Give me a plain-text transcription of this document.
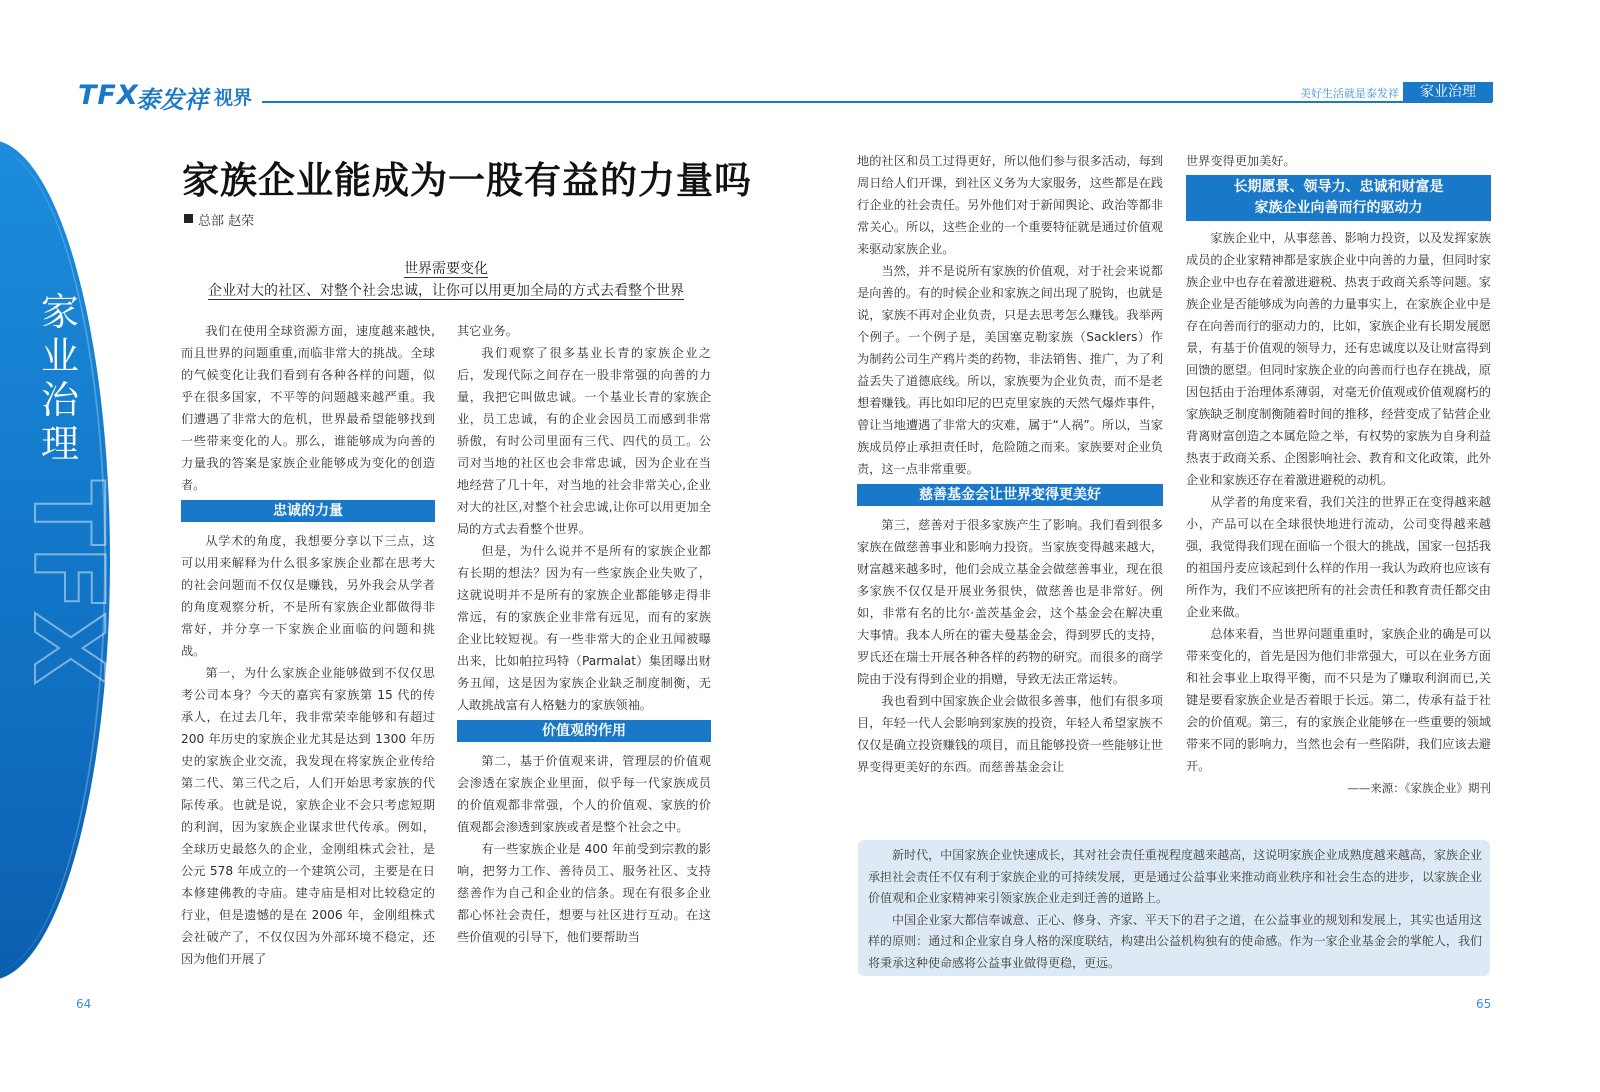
TFX
泰发祥 视界	美好生活就是泰发祥	家业治理
家业治理
TFX
家族企业能成为一股有益的力量吗
总部 赵荣
世界需要变化
企业对大的社区、对整个社会忠诚，让你可以用更加全局的方式去看整个世界

我们在使用全球资源方面，速度越来越快,而且世界的问题重重,而临非常大的挑战。全球的气候变化让我们看到有各种各样的问题，似乎在很多国家，不平等的问题越来越严重。我们遭遇了非常大的危机，世界最希望能够找到一些带来变化的人。那么，谁能够成为向善的力量我的答案是家族企业能够成为变化的创造者。

忠诚的力量

从学术的角度，我想要分享以下三点，这可以用来解释为什么很多家族企业都在思考大的社会问题而不仅仅是赚钱，另外我会从学者的角度观察分析，不是所有家族企业都做得非常好，并分享一下家族企业面临的问题和挑战。

第一，为什么家族企业能够做到不仅仅思考公司本身？今天的嘉宾有家族第 15 代的传承人，在过去几年，我非常荣幸能够和有超过 200 年历史的家族企业尤其是达到 1300 年历史的家族企业交流，我发现在将家族企业传给第二代、第三代之后，人们开始思考家族的代际传承。也就是说，家族企业不会只考虑短期的利润，因为家族企业谋求世代传承。例如，全球历史最悠久的企业，金刚组株式会社，是公元 578 年成立的一个建筑公司，主要是在日本修建佛教的寺庙。建寺庙是相对比较稳定的行业，但是遗憾的是在 2006 年，金刚组株式会社破产了，不仅仅因为外部环境不稳定，还因为他们开展了

其它业务。

我们观察了很多基业长青的家族企业之后，发现代际之间存在一股非常强的向善的力量，我把它叫做忠诚。一个基业长青的家族企业，员工忠诚，有的企业会因员工而感到非常骄傲，有时公司里面有三代、四代的员工。公司对当地的社区也会非常忠诚，因为企业在当地经营了几十年，对当地的社会非常关心,企业对大的社区,对整个社会忠诚,让你可以用更加全局的方式去看整个世界。

但是，为什么说并不是所有的家族企业都有长期的想法？因为有一些家族企业失败了，这就说明并不是所有的家族企业都能够走得非常远，有的家族企业非常有远见，而有的家族企业比较短视。有一些非常大的企业丑闻被曝出来，比如帕拉玛特（Parmalat）集团曝出财务丑闻，这是因为家族企业缺乏制度制衡，无人敢挑战富有人格魅力的家族领袖。

价值观的作用

第二，基于价值观来讲，管理层的价值观会渗透在家族企业里面，似乎每一代家族成员的价值观都非常强，个人的价值观、家族的价值观都会渗透到家族或者是整个社会之中。

有一些家族企业是 400 年前受到宗教的影响，把努力工作、善待员工、服务社区、支持慈善作为自己和企业的信条。现在有很多企业都心怀社会责任，想要与社区进行互动。在这些价值观的引导下，他们要帮助当

地的社区和员工过得更好，所以他们参与很多活动，每到周日给人们开课，到社区义务为大家服务，这些都是在践行企业的社会责任。另外他们对于新闻舆论、政治等都非常关心。所以，这些企业的一个重要特征就是通过价值观来驱动家族企业。

当然，并不是说所有家族的价值观，对于社会来说都是向善的。有的时候企业和家族之间出现了脱钩，也就是说，家族不再对企业负责，只是去思考怎么赚钱。我举两个例子。一个例子是，美国塞克勒家族（Sacklers）作为制药公司生产鸦片类的药物，非法销售、推广，为了利益丢失了道德底线。所以，家族要为企业负责，而不是老想着赚钱。再比如印尼的巴克里家族的天然气爆炸事件，曾让当地遭遇了非常大的灾难，属于“人祸”。所以，当家族成员停止承担责任时，危险随之而来。家族要对企业负责，这一点非常重要。

慈善基金会让世界变得更美好

第三，慈善对于很多家族产生了影响。我们看到很多家族在做慈善事业和影响力投资。当家族变得越来越大，财富越来越多时，他们会成立基金会做慈善事业，现在很多家族不仅仅是开展业务很快，做慈善也是非常好。例如，非常有名的比尔·盖茨基金会，这个基金会在解决重大事情。我本人所在的霍夫曼基金会，得到罗氏的支持，罗氏还在瑞士开展各种各样的药物的研究。而很多的商学院由于没有得到企业的捐赠，导致无法正常运转。

我也看到中国家族企业会做很多善事，他们有很多项目，年轻一代人会影响到家族的投资，年轻人希望家族不仅仅是确立投资赚钱的项目，而且能够投资一些能够让世界变得更美好的东西。而慈善基金会让

世界变得更加美好。

长期愿景、领导力、忠诚和财富是
家族企业向善而行的驱动力

家族企业中，从事慈善、影响力投资，以及发挥家族成员的企业家精神都是家族企业中向善的力量，但同时家族企业中也存在着激进避税、热衷于政商关系等问题。家族企业是否能够成为向善的力量事实上，在家族企业中是存在向善而行的驱动力的，比如，家族企业有长期发展愿景，有基于价值观的领导力，还有忠诚度以及让财富得到回馈的愿望。但同时家族企业的向善而行也存在挑战，原因包括由于治理体系薄弱，对毫无价值观或价值观腐朽的家族缺乏制度制衡随着时间的推移，经营变成了钻营企业背离财富创造之本属危险之举，有权势的家族为自身利益热衷于政商关系、企图影响社会、教育和文化政策，此外企业和家族还存在着激进避税的动机。

从学者的角度来看，我们关注的世界正在变得越来越小，产品可以在全球很快地进行流动，公司变得越来越强，我觉得我们现在面临一个很大的挑战，国家一包括我的祖国丹麦应该起到什么样的作用一我认为政府也应该有所作为，我们不应该把所有的社会责任和教育责任都交由企业来做。

总体来看，当世界问题重重时，家族企业的确是可以带来变化的，首先是因为他们非常强大，可以在业务方面和社会事业上取得平衡，而不只是为了赚取利润而已,关键是要看家族企业是否着眼于长远。第二，传承有益于社会的价值观。第三，有的家族企业能够在一些重要的领域带来不同的影响力，当然也会有一些陷阱，我们应该去避开。

——来源：《家族企业》期刊

新时代，中国家族企业快速成长，其对社会责任重视程度越来越高，这说明家族企业成熟度越来越高，家族企业承担社会责任不仅有利于家族企业的可持续发展，更是通过公益事业来推动商业秩序和社会生态的进步，以家族企业价值观和企业家精神来引领家族企业走到迁善的道路上。

中国企业家大都信奉诚意、正心、修身、齐家、平天下的君子之道，在公益事业的规划和发展上，其实也适用这样的原则：通过和企业家自身人格的深度联结，构建出公益机构独有的使命感。作为一家企业基金会的掌舵人，我们将秉承这种使命感将公益事业做得更稳，更远。

64	65
